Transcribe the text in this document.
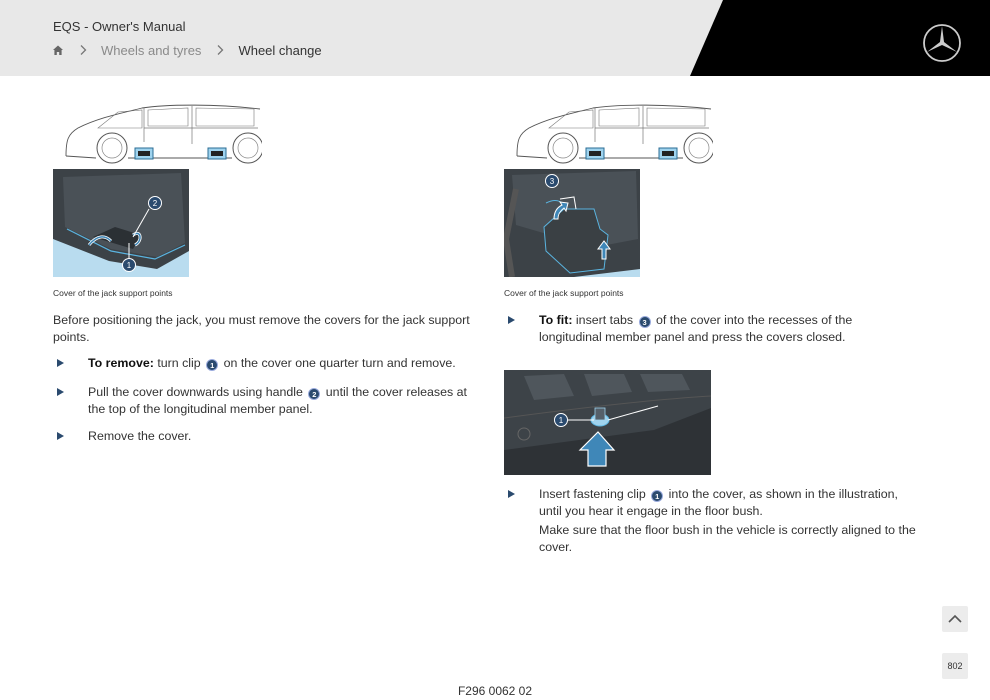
EQS - Owner's Manual
Wheels and tyres	Wheel change
2
1
Cover of the jack support points
Before positioning the jack, you must remove the covers for the jack support points.
To remove: turn clip 1 on the cover one quarter turn and remove.
Pull the cover downwards using handle 2 until the cover releases at the top of the longitudinal member panel.
Remove the cover.
3
Cover of the jack support points
To fit: insert tabs 3 of the cover into the recesses of the longitudinal member panel and press the covers closed.
1
Insert fastening clip 1 into the cover, as shown in the illustration, until you hear it engage in the floor bush.
Make sure that the floor bush in the vehicle is correctly aligned to the cover.
802
F296 0062 02
